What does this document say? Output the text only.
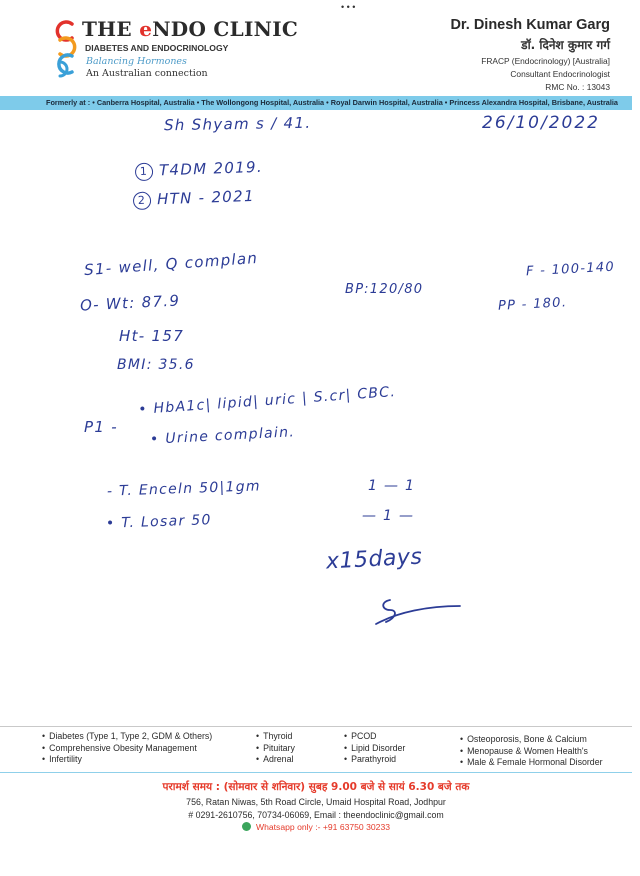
• • •
THE eNDO CLINIC
DIABETES AND ENDOCRINOLOGY
Balancing Hormones
An Australian connection
Dr. Dinesh Kumar Garg
डॉ. दिनेश कुमार गर्ग
FRACP (Endocrinology) [Australia]
Consultant Endocrinologist
RMC No. : 13043
Formerly at : • Canberra Hospital, Australia • The Wollongong Hospital, Australia • Royal Darwin Hospital, Australia • Princess Alexandra Hospital, Brisbane, Australia
Sh Shyam s / 41.	26/10/2022
1 T4DM 2019.
2 HTN - 2021
S1- well, Q complan	F - 100-140
BP:120/80
PP - 180.
O- Wt: 87.9
Ht- 157
BMI: 35.6
P1 -
• HbA1c| lipid| uric | S.cr| CBC.
• Urine complain.
- T. Enceln 50|1gm	1 — 1
• T. Losar 50	— 1 —
x15days
• Diabetes (Type 1, Type 2, GDM & Others)
• Comprehensive Obesity Management
• Infertility
• Thyroid
• Pituitary
• Adrenal
• PCOD
• Lipid Disorder
• Parathyroid
• Osteoporosis, Bone & Calcium
• Menopause & Women Health's
• Male & Female Hormonal Disorder
परामर्श समय : (सोमवार से शनिवार) सुबह 9.00 बजे से सायं 6.30 बजे तक
756, Ratan Niwas, 5th Road Circle, Umaid Hospital Road, Jodhpur
# 0291-2610756, 70734-06069, Email : theendoclinic@gmail.com
Whatsapp only :- +91 63750 30233
